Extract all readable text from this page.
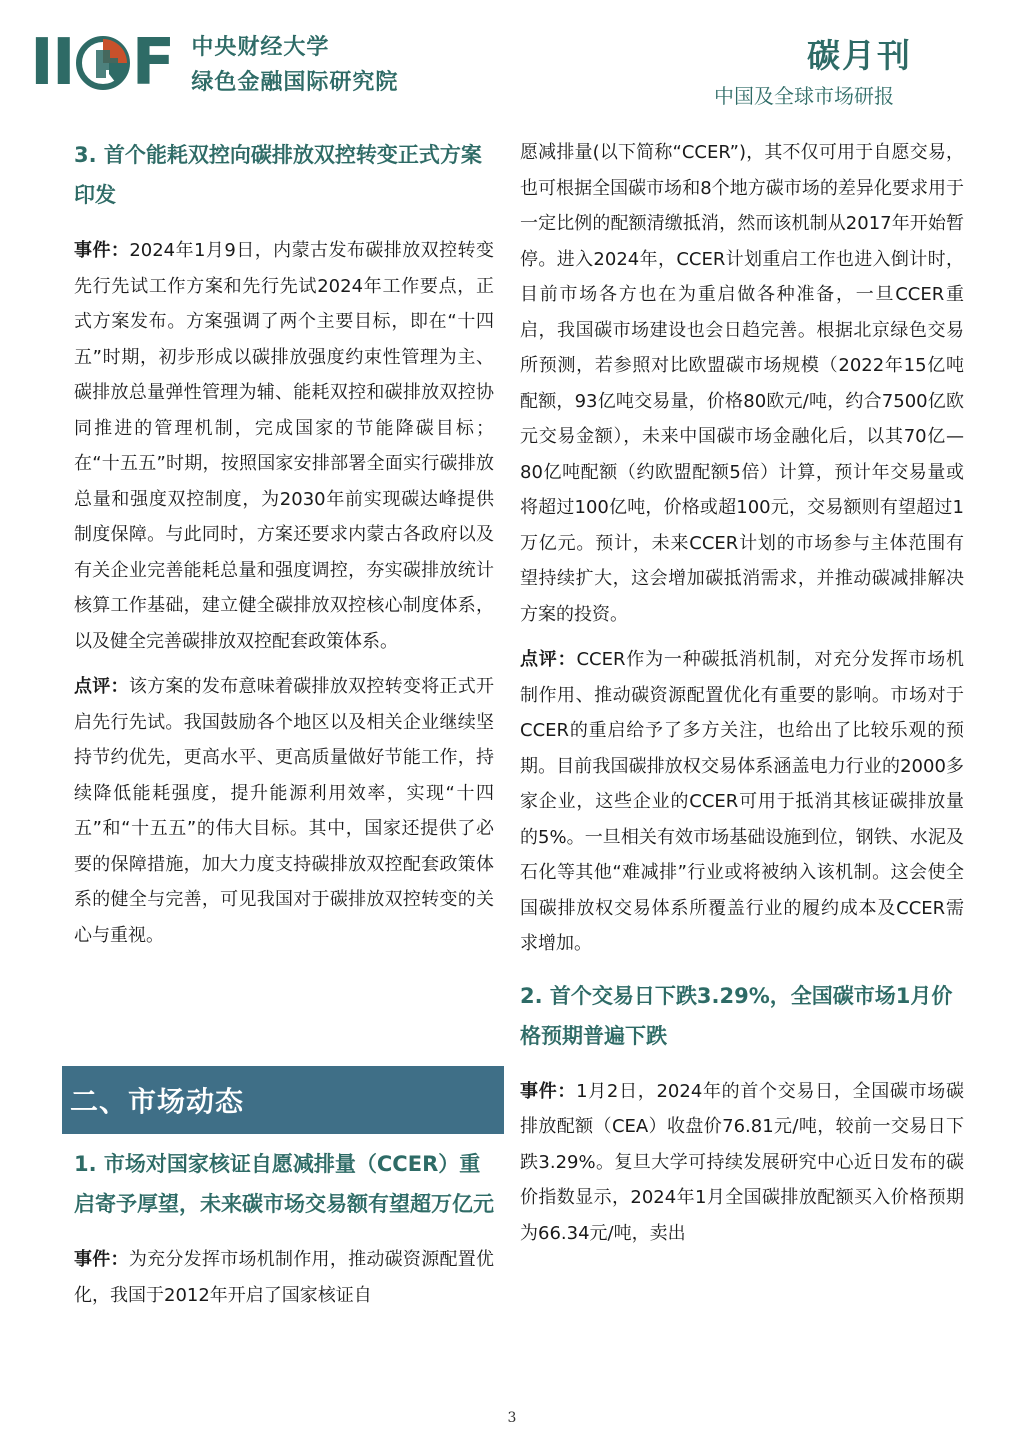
II F 中央财经大学
绿色金融国际研究院
碳月刊
中国及全球市场研报
3. 首个能耗双控向碳排放双控转变正式方案印发

事件：2024年1月9日，内蒙古发布碳排放双控转变先行先试工作方案和先行先试2024年工作要点，正式方案发布。方案强调了两个主要目标，即在“十四五”时期，初步形成以碳排放强度约束性管理为主、碳排放总量弹性管理为辅、能耗双控和碳排放双控协同推进的管理机制，完成国家的节能降碳目标；在“十五五”时期，按照国家安排部署全面实行碳排放总量和强度双控制度，为2030年前实现碳达峰提供制度保障。与此同时，方案还要求内蒙古各政府以及有关企业完善能耗总量和强度调控，夯实碳排放统计核算工作基础，建立健全碳排放双控核心制度体系，以及健全完善碳排放双控配套政策体系。

点评：该方案的发布意味着碳排放双控转变将正式开启先行先试。我国鼓励各个地区以及相关企业继续坚持节约优先，更高水平、更高质量做好节能工作，持续降低能耗强度，提升能源利用效率，实现“十四五”和“十五五”的伟大目标。其中，国家还提供了必要的保障措施，加大力度支持碳排放双控配套政策体系的健全与完善，可见我国对于碳排放双控转变的关心与重视。

二、市场动态
1. 市场对国家核证自愿减排量（CCER）重启寄予厚望，未来碳市场交易额有望超万亿元

事件：为充分发挥市场机制作用，推动碳资源配置优化，我国于2012年开启了国家核证自

愿减排量(以下简称“CCER”)，其不仅可用于自愿交易，也可根据全国碳市场和8个地方碳市场的差异化要求用于一定比例的配额清缴抵消，然而该机制从2017年开始暂停。进入2024年，CCER计划重启工作也进入倒计时，目前市场各方也在为重启做各种准备，一旦CCER重启，我国碳市场建设也会日趋完善。根据北京绿色交易所预测，若参照对比欧盟碳市场规模（2022年15亿吨配额，93亿吨交易量，价格80欧元/吨，约合7500亿欧元交易金额），未来中国碳市场金融化后，以其70亿—80亿吨配额（约欧盟配额5倍）计算，预计年交易量或将超过100亿吨，价格或超100元，交易额则有望超过1万亿元。预计，未来CCER计划的市场参与主体范围有望持续扩大，这会增加碳抵消需求，并推动碳减排解决方案的投资。

点评：CCER作为一种碳抵消机制，对充分发挥市场机制作用、推动碳资源配置优化有重要的影响。市场对于CCER的重启给予了多方关注，也给出了比较乐观的预期。目前我国碳排放权交易体系涵盖电力行业的2000多家企业，这些企业的CCER可用于抵消其核证碳排放量的5%。一旦相关有效市场基础设施到位，钢铁、水泥及石化等其他“难减排”行业或将被纳入该机制。这会使全国碳排放权交易体系所覆盖行业的履约成本及CCER需求增加。

2. 首个交易日下跌3.29%，全国碳市场1月价格预期普遍下跌

事件：1月2日，2024年的首个交易日，全国碳市场碳排放配额（CEA）收盘价76.81元/吨，较前一交易日下跌3.29%。复旦大学可持续发展研究中心近日发布的碳价指数显示，2024年1月全国碳排放配额买入价格预期为66.34元/吨，卖出

3
